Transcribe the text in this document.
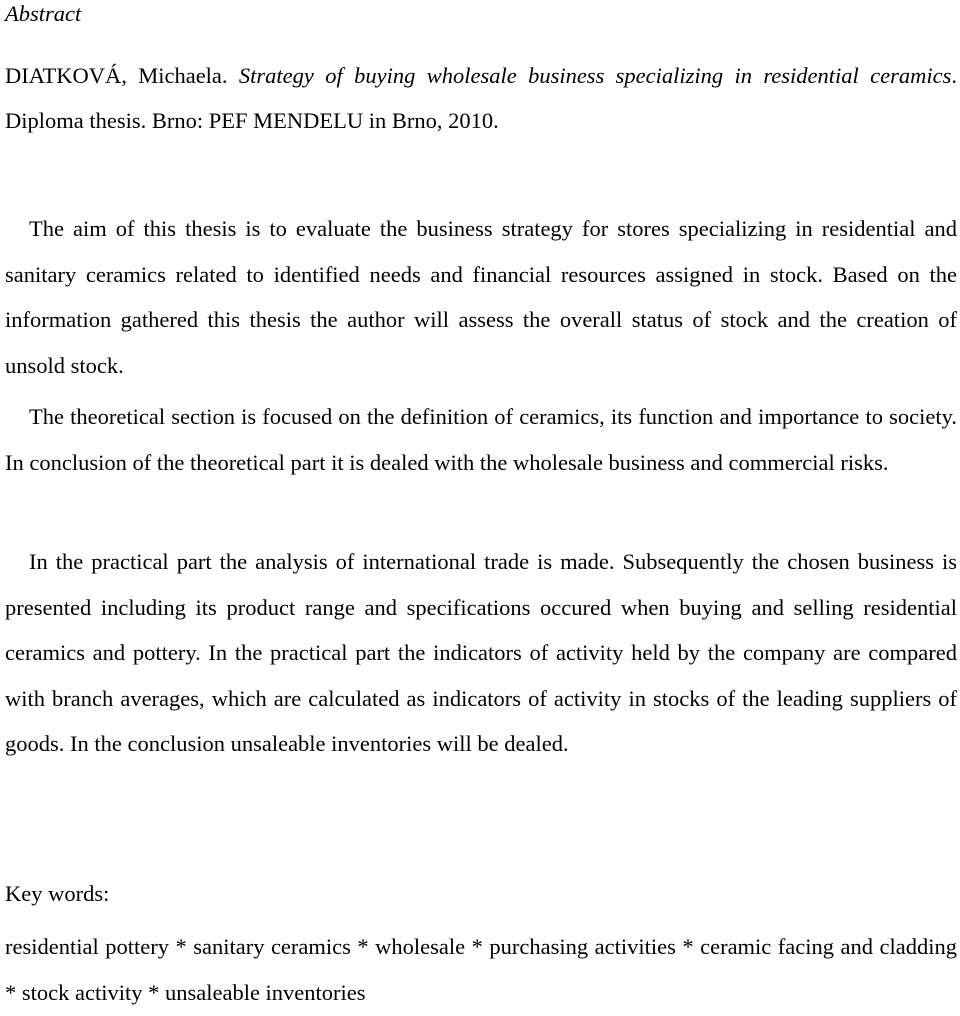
Abstract
DIATKOVÁ, Michaela. Strategy of buying wholesale business specializing in residential ceramics. Diploma thesis. Brno: PEF MENDELU in Brno, 2010.

The aim of this thesis is to evaluate the business strategy for stores specializing in residential and sanitary ceramics related to identified needs and financial resources assigned in stock. Based on the information gathered this thesis the author will assess the overall status of stock and the creation of unsold stock.

The theoretical section is focused on the definition of ceramics, its function and importance to society. In conclusion of the theoretical part it is dealed with the wholesale business and commercial risks.

In the practical part the analysis of international trade is made. Subsequently the chosen business is presented including its product range and specifications occured when buying and selling residential ceramics and pottery. In the practical part the indicators of activity held by the company are compared with branch averages, which are calculated as indicators of activity in stocks of the leading suppliers of goods. In the conclusion unsaleable inventories will be dealed.

Key words:
residential pottery * sanitary ceramics * wholesale * purchasing activities * ceramic facing and cladding * stock activity * unsaleable inventories
